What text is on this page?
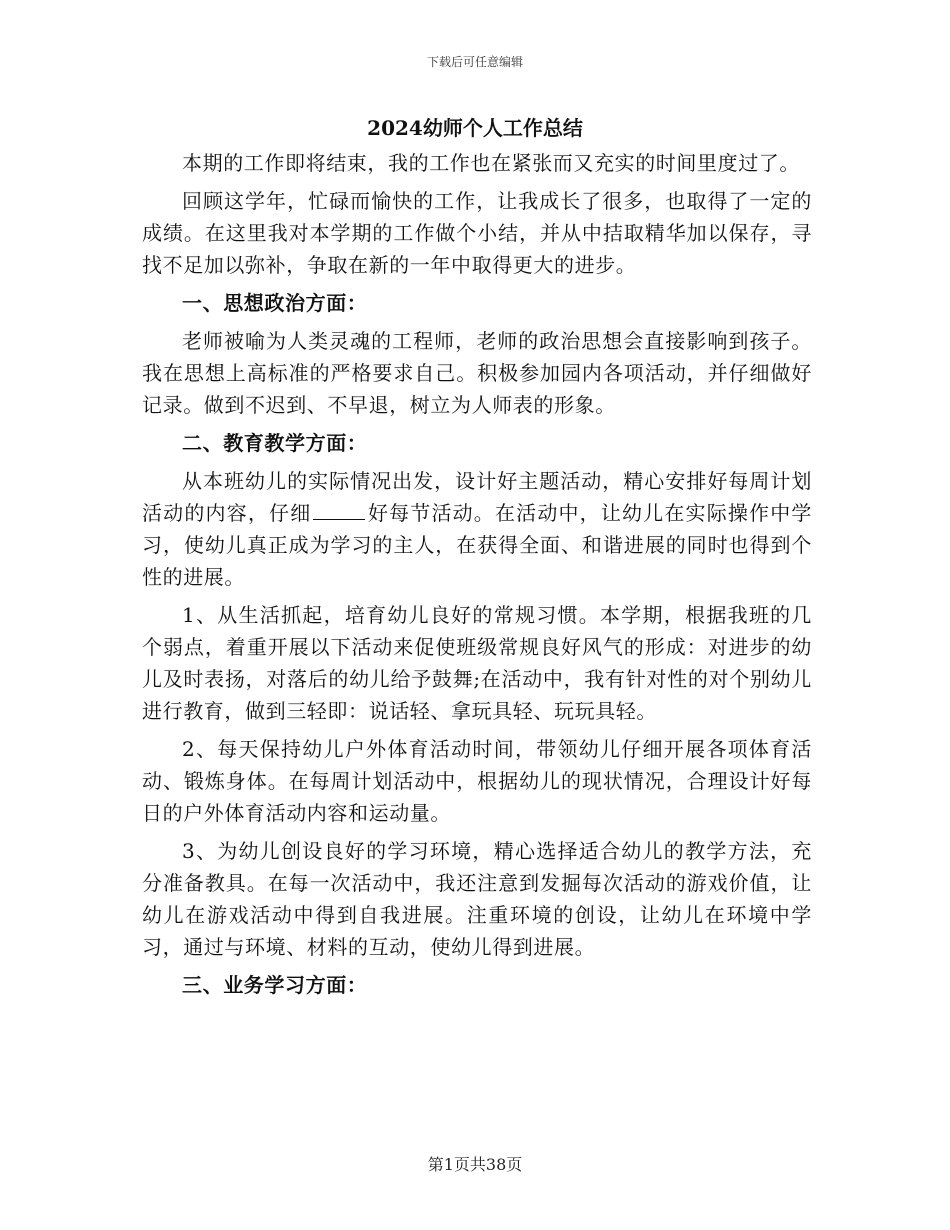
下载后可任意编辑
2024幼师个人工作总结

本期的工作即将结束，我的工作也在紧张而又充实的时间里度过了。

回顾这学年，忙碌而愉快的工作，让我成长了很多，也取得了一定的成绩。在这里我对本学期的工作做个小结，并从中拮取精华加以保存，寻找不足加以弥补，争取在新的一年中取得更大的进步。

一、思想政治方面：

老师被喻为人类灵魂的工程师，老师的政治思想会直接影响到孩子。我在思想上高标准的严格要求自己。积极参加园内各项活动，并仔细做好记录。做到不迟到、不早退，树立为人师表的形象。

二、教育教学方面：

从本班幼儿的实际情况出发，设计好主题活动，精心安排好每周计划活动的内容，仔细	好每节活动。在活动中，让幼儿在实际操作中学习，使幼儿真正成为学习的主人，在获得全面、和谐进展的同时也得到个性的进展。

1、从生活抓起，培育幼儿良好的常规习惯。本学期，根据我班的几个弱点，着重开展以下活动来促使班级常规良好风气的形成：对进步的幼儿及时表扬，对落后的幼儿给予鼓舞;在活动中，我有针对性的对个别幼儿进行教育，做到三轻即：说话轻、拿玩具轻、玩玩具轻。

2、每天保持幼儿户外体育活动时间，带领幼儿仔细开展各项体育活动、锻炼身体。在每周计划活动中，根据幼儿的现状情况，合理设计好每日的户外体育活动内容和运动量。

3、为幼儿创设良好的学习环境，精心选择适合幼儿的教学方法，充分准备教具。在每一次活动中，我还注意到发掘每次活动的游戏价值，让幼儿在游戏活动中得到自我进展。注重环境的创设，让幼儿在环境中学习，通过与环境、材料的互动，使幼儿得到进展。

三、业务学习方面：

第1页共38页
